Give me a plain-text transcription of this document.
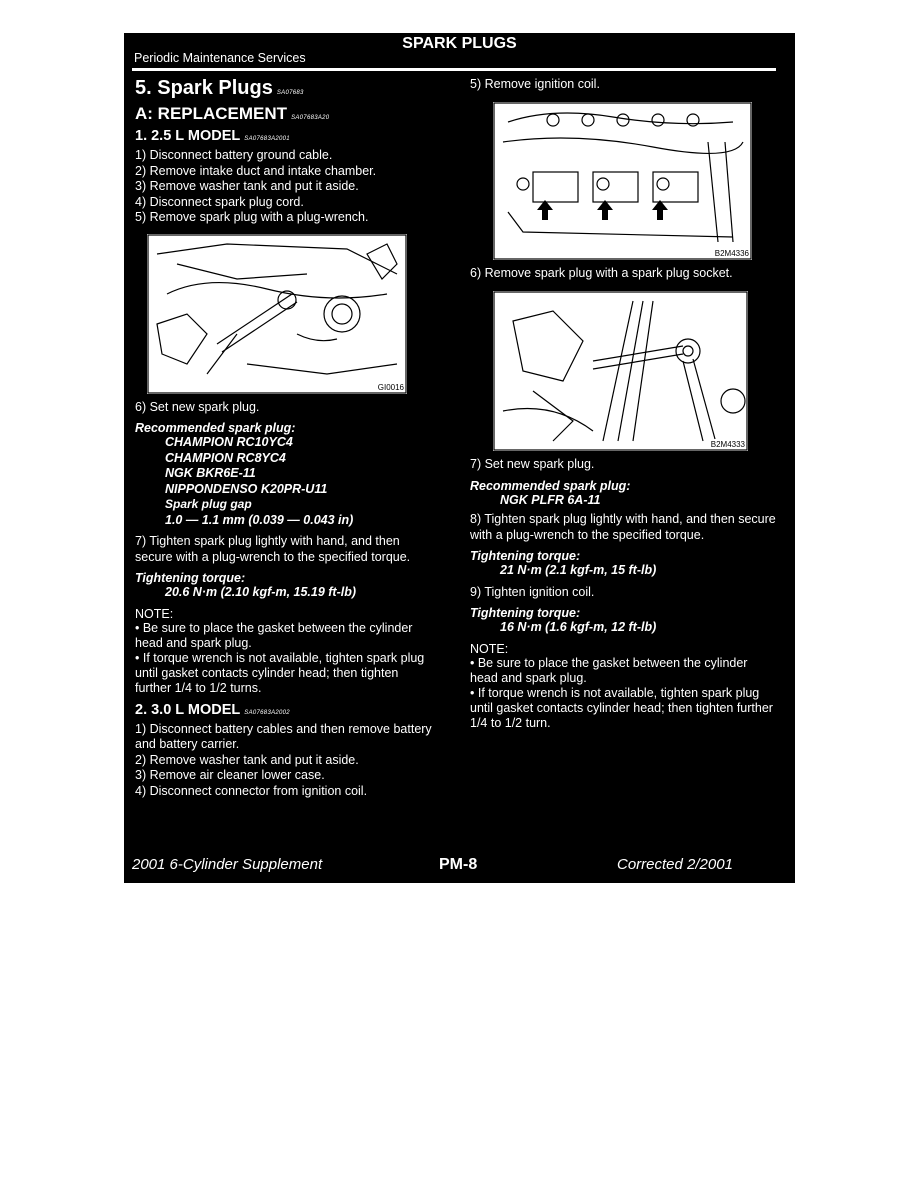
Periodic Maintenance Services
SPARK PLUGS
5. Spark Plugs SA07683
A: REPLACEMENT SA07683A20
1. 2.5 L MODEL SA07683A2001

1) Disconnect battery ground cable.

2) Remove intake duct and intake chamber.

3) Remove washer tank and put it aside.

4) Disconnect spark plug cord.

5) Remove spark plug with a plug-wrench.

GI0016

6) Set new spark plug.

Recommended spark plug:

CHAMPION RC10YC4

CHAMPION RC8YC4

NGK BKR6E-11

NIPPONDENSO K20PR-U11

Spark plug gap

1.0 — 1.1 mm (0.039 — 0.043 in)

7) Tighten spark plug lightly with hand, and then secure with a plug-wrench to the specified torque.

Tightening torque:

20.6 N·m (2.10 kgf-m, 15.19 ft-lb)

NOTE:

• Be sure to place the gasket between the cylinder head and spark plug.

• If torque wrench is not available, tighten spark plug until gasket contacts cylinder head; then tighten further 1/4 to 1/2 turns.

2. 3.0 L MODEL SA07683A2002

1) Disconnect battery cables and then remove battery and battery carrier.

2) Remove washer tank and put it aside.

3) Remove air cleaner lower case.

4) Disconnect connector from ignition coil.

5) Remove ignition coil.

B2M4336

6) Remove spark plug with a spark plug socket.

B2M4333

7) Set new spark plug.

Recommended spark plug:

NGK PLFR 6A-11

8) Tighten spark plug lightly with hand, and then secure with a plug-wrench to the specified torque.

Tightening torque:

21 N·m (2.1 kgf-m, 15 ft-lb)

9) Tighten ignition coil.

Tightening torque:

16 N·m (1.6 kgf-m, 12 ft-lb)

NOTE:

• Be sure to place the gasket between the cylinder head and spark plug.

• If torque wrench is not available, tighten spark plug until gasket contacts cylinder head; then tighten further 1/4 to 1/2 turn.

2001 6-Cylinder Supplement	PM-8	Corrected 2/2001
